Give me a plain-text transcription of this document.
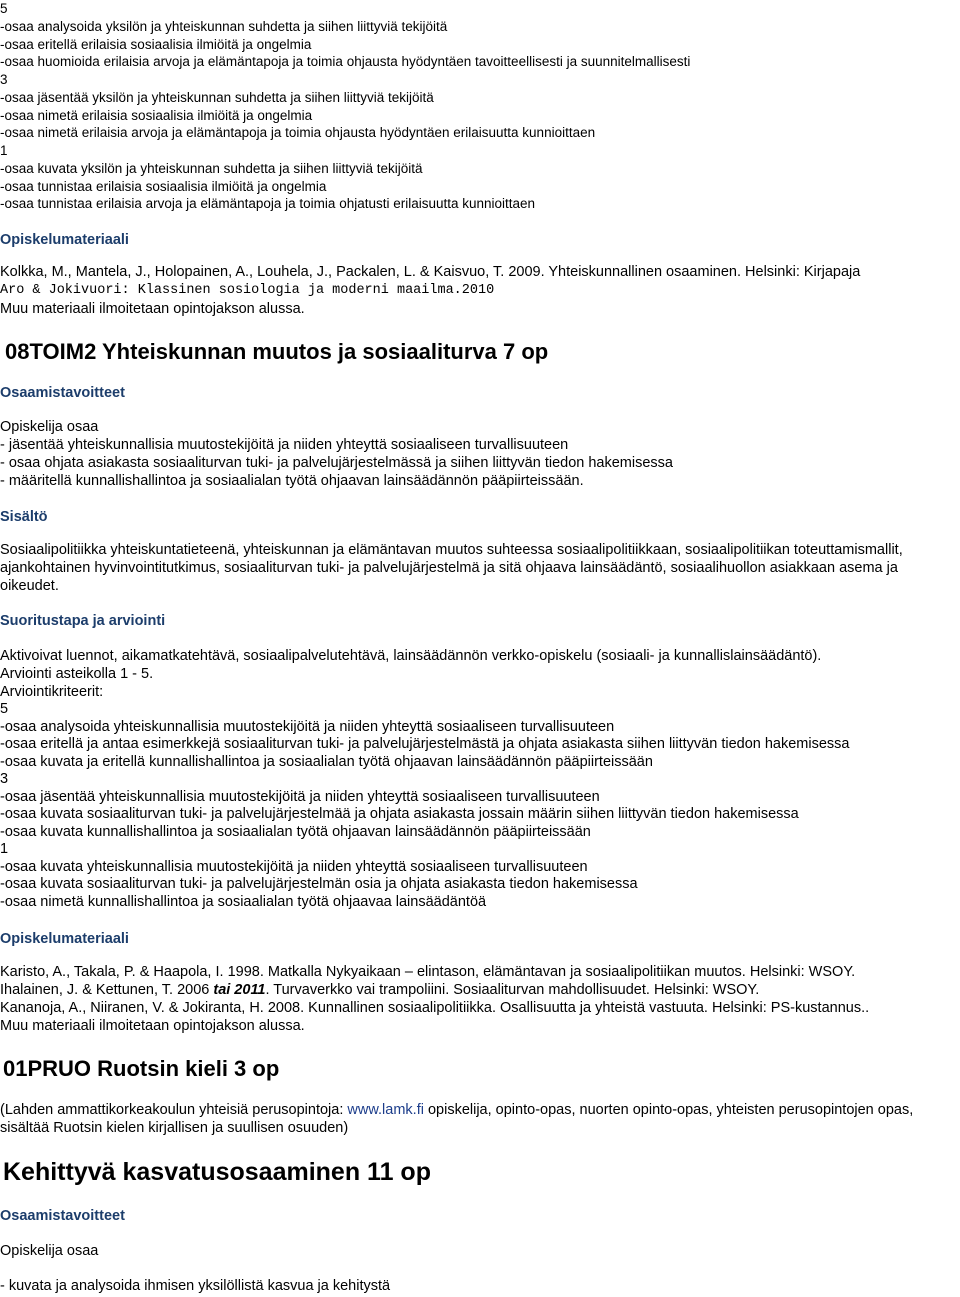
5
-osaa analysoida yksilön ja yhteiskunnan suhdetta ja siihen liittyviä tekijöitä
-osaa eritellä erilaisia sosiaalisia ilmiöitä ja ongelmia
-osaa huomioida erilaisia arvoja ja elämäntapoja ja toimia ohjausta hyödyntäen tavoitteellisesti ja suunnitelmallisesti
3
-osaa jäsentää yksilön ja yhteiskunnan suhdetta ja siihen liittyviä tekijöitä
-osaa nimetä erilaisia sosiaalisia ilmiöitä ja ongelmia
-osaa nimetä erilaisia arvoja ja elämäntapoja ja toimia ohjausta hyödyntäen erilaisuutta kunnioittaen
1
-osaa kuvata yksilön ja yhteiskunnan suhdetta ja siihen liittyviä tekijöitä
-osaa tunnistaa erilaisia sosiaalisia ilmiöitä ja ongelmia
-osaa tunnistaa erilaisia arvoja ja elämäntapoja ja toimia ohjatusti erilaisuutta kunnioittaen
Opiskelumateriaali
Kolkka, M., Mantela, J., Holopainen, A., Louhela, J., Packalen, L. & Kaisvuo, T. 2009. Yhteiskunnallinen osaaminen. Helsinki: Kirjapaja
Aro & Jokivuori: Klassinen sosiologia ja moderni maailma.2010
Muu materiaali ilmoitetaan opintojakson alussa.
08TOIM2 Yhteiskunnan muutos ja sosiaaliturva 7 op
Osaamistavoitteet
Opiskelija osaa
- jäsentää yhteiskunnallisia muutostekijöitä ja niiden yhteyttä sosiaaliseen turvallisuuteen
- osaa ohjata asiakasta sosiaaliturvan tuki- ja palvelujärjestelmässä ja siihen liittyvän tiedon hakemisessa
- määritellä kunnallishallintoa ja sosiaalialan työtä ohjaavan lainsäädännön pääpiirteissään.
Sisältö
Sosiaalipolitiikka yhteiskuntatieteenä, yhteiskunnan ja elämäntavan muutos suhteessa sosiaalipolitiikkaan, sosiaalipolitiikan toteuttamismallit,
ajankohtainen hyvinvointitutkimus, sosiaaliturvan tuki- ja palvelujärjestelmä ja sitä ohjaava lainsäädäntö, sosiaalihuollon asiakkaan asema ja
oikeudet.
Suoritustapa ja arviointi
Aktivoivat luennot, aikamatkatehtävä, sosiaalipalvelutehtävä, lainsäädännön verkko-opiskelu (sosiaali- ja kunnallislainsäädäntö).
Arviointi asteikolla 1 - 5.
Arviointikriteerit:
5
-osaa analysoida yhteiskunnallisia muutostekijöitä ja niiden yhteyttä sosiaaliseen turvallisuuteen
-osaa eritellä ja antaa esimerkkejä sosiaaliturvan tuki- ja palvelujärjestelmästä ja ohjata asiakasta siihen liittyvän tiedon hakemisessa
-osaa kuvata ja eritellä kunnallishallintoa ja sosiaalialan työtä ohjaavan lainsäädännön pääpiirteissään
3
-osaa jäsentää yhteiskunnallisia muutostekijöitä ja niiden yhteyttä sosiaaliseen turvallisuuteen
-osaa kuvata sosiaaliturvan tuki- ja palvelujärjestelmää ja ohjata asiakasta jossain määrin siihen liittyvän tiedon hakemisessa
-osaa kuvata kunnallishallintoa ja sosiaalialan työtä ohjaavan lainsäädännön pääpiirteissään
1
-osaa kuvata yhteiskunnallisia muutostekijöitä ja niiden yhteyttä sosiaaliseen turvallisuuteen
-osaa kuvata sosiaaliturvan tuki- ja palvelujärjestelmän osia ja ohjata asiakasta tiedon hakemisessa
-osaa nimetä kunnallishallintoa ja sosiaalialan työtä ohjaavaa lainsäädäntöä
Opiskelumateriaali
Karisto, A., Takala, P. & Haapola, I. 1998. Matkalla Nykyaikaan – elintason, elämäntavan ja sosiaalipolitiikan muutos. Helsinki: WSOY.
Ihalainen, J. & Kettunen, T. 2006 tai 2011. Turvaverkko vai trampoliini. Sosiaaliturvan mahdollisuudet. Helsinki: WSOY.
Kananoja, A., Niiranen, V. & Jokiranta, H. 2008. Kunnallinen sosiaalipolitiikka. Osallisuutta ja yhteistä vastuuta. Helsinki: PS-kustannus..
Muu materiaali ilmoitetaan opintojakson alussa.
01PRUO Ruotsin kieli 3 op
(Lahden ammattikorkeakoulun yhteisiä perusopintoja: www.lamk.fi opiskelija, opinto-opas, nuorten opinto-opas, yhteisten perusopintojen opas,
sisältää Ruotsin kielen kirjallisen ja suullisen osuuden)
Kehittyvä kasvatusosaaminen 11 op
Osaamistavoitteet
Opiskelija osaa
- kuvata ja analysoida ihmisen yksilöllistä kasvua ja kehitystä
